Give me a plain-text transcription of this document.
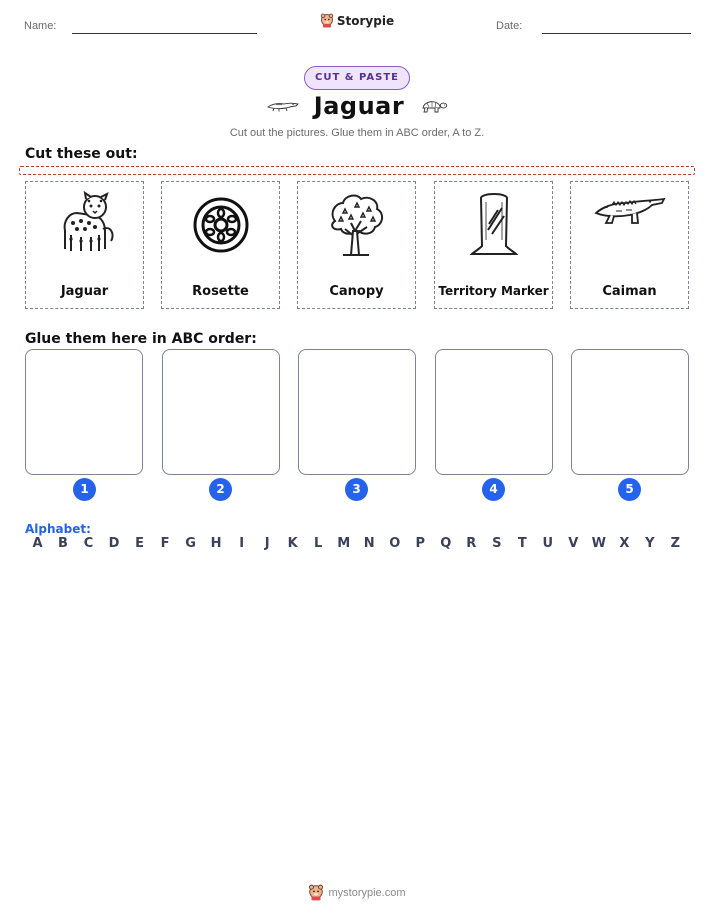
Name:	Storypie	Date:
CUT & PASTE
Jaguar
Cut out the pictures. Glue them in ABC order, A to Z.
Cut these out:
Jaguar	Rosette	Canopy	Territory Marker	Caiman
Glue them here in ABC order:
1	2	3	4	5
Alphabet:
A	B	C	D	E	F	G	H	I	J	K	L	M	N	O	P	Q	R	S	T	U	V	W	X	Y	Z
mystorypie.com
